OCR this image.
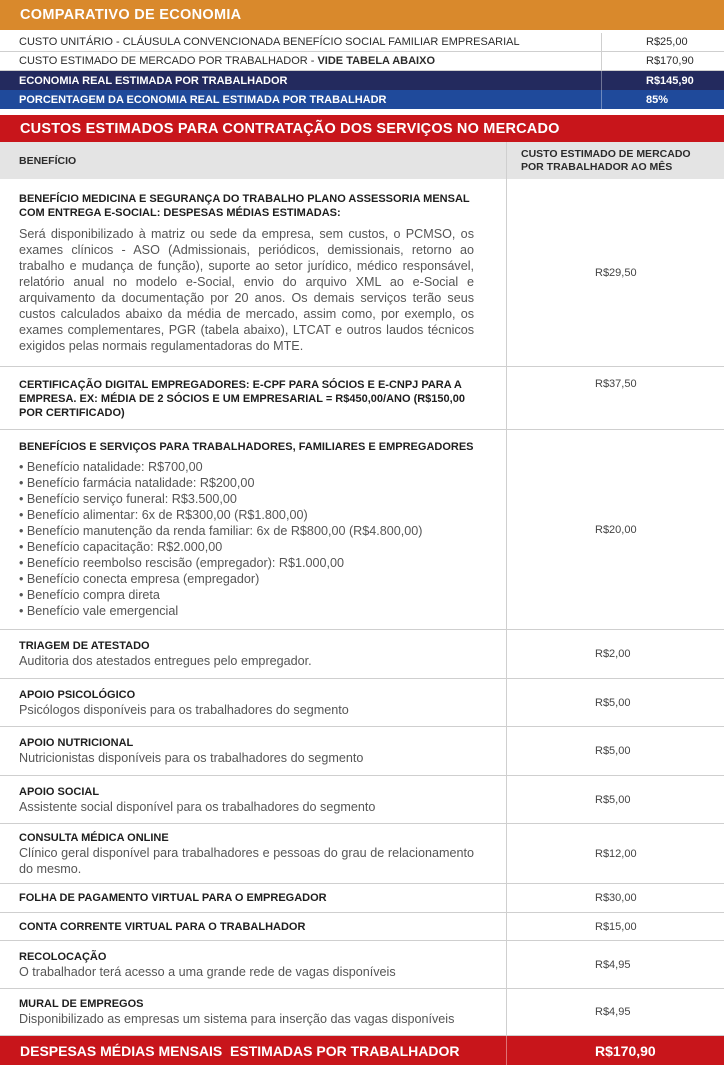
COMPARATIVO DE ECONOMIA
CUSTO UNITÁRIO - CLÁUSULA CONVENCIONADA BENEFÍCIO SOCIAL FAMILIAR EMPRESARIAL	R$25,00
CUSTO ESTIMADO DE MERCADO POR TRABALHADOR - VIDE TABELA ABAIXO	R$170,90
ECONOMIA REAL ESTIMADA POR TRABALHADOR	R$145,90
PORCENTAGEM DA ECONOMIA REAL ESTIMADA POR TRABALHADR	85%
CUSTOS ESTIMADOS PARA CONTRATAÇÃO DOS SERVIÇOS NO MERCADO
BENEFÍCIO
CUSTO ESTIMADO DE MERCADO
POR TRABALHADOR AO MÊS
BENEFÍCIO MEDICINA E SEGURANÇA DO TRABALHO PLANO ASSESSORIA MENSAL COM ENTREGA E-SOCIAL: DESPESAS MÉDIAS ESTIMADAS:
Será disponibilizado à matriz ou sede da empresa, sem custos, o PCMSO, os exames clínicos - ASO (Admissionais, periódicos, demissionais, retorno ao trabalho e mudança de função), suporte ao setor jurídico, médico responsável, relatório anual no modelo e-Social, envio do arquivo XML ao e-Social e arquivamento da documentação por 20 anos. Os demais serviços terão seus custos calculados abaixo da média de mercado, assim como, por exemplo, os exames complementares, PGR (tabela abaixo), LTCAT e outros laudos técnicos exigidos pelas normais regulamentadoras do MTE.
R$29,50
CERTIFICAÇÃO DIGITAL EMPREGADORES: E-CPF PARA SÓCIOS E E-CNPJ PARA A EMPRESA. EX: MÉDIA DE 2 SÓCIOS E UM EMPRESARIAL = R$450,00/ANO (R$150,00 POR CERTIFICADO)
R$37,50
BENEFÍCIOS E SERVIÇOS PARA TRABALHADORES, FAMILIARES E EMPREGADORES
• Benefício natalidade: R$700,00
• Benefício farmácia natalidade: R$200,00
• Benefício serviço funeral: R$3.500,00
• Benefício alimentar: 6x de R$300,00 (R$1.800,00)
• Benefício manutenção da renda familiar: 6x de R$800,00 (R$4.800,00)
• Benefício capacitação: R$2.000,00
• Benefício reembolso rescisão (empregador): R$1.000,00
• Benefício conecta empresa (empregador)
• Benefício compra direta
• Benefício vale emergencial
R$20,00
TRIAGEM DE ATESTADO
Auditoria dos atestados entregues pelo empregador.	R$2,00
APOIO PSICOLÓGICO
Psicólogos disponíveis para os trabalhadores do segmento	R$5,00
APOIO NUTRICIONAL
Nutricionistas disponíveis para os trabalhadores do segmento	R$5,00
APOIO SOCIAL
Assistente social disponível para os trabalhadores do segmento	R$5,00
CONSULTA MÉDICA ONLINE
Clínico geral disponível para trabalhadores e pessoas do grau de relacionamento do mesmo.
R$12,00
FOLHA DE PAGAMENTO VIRTUAL PARA O EMPREGADOR	R$30,00
CONTA CORRENTE VIRTUAL PARA O TRABALHADOR	R$15,00
RECOLOCAÇÃO
O trabalhador terá acesso a uma grande rede de vagas disponíveis	R$4,95
MURAL DE EMPREGOS
Disponibilizado as empresas um sistema para inserção das vagas disponíveis	R$4,95
DESPESAS MÉDIAS MENSAIS  ESTIMADAS POR TRABALHADOR	R$170,90
